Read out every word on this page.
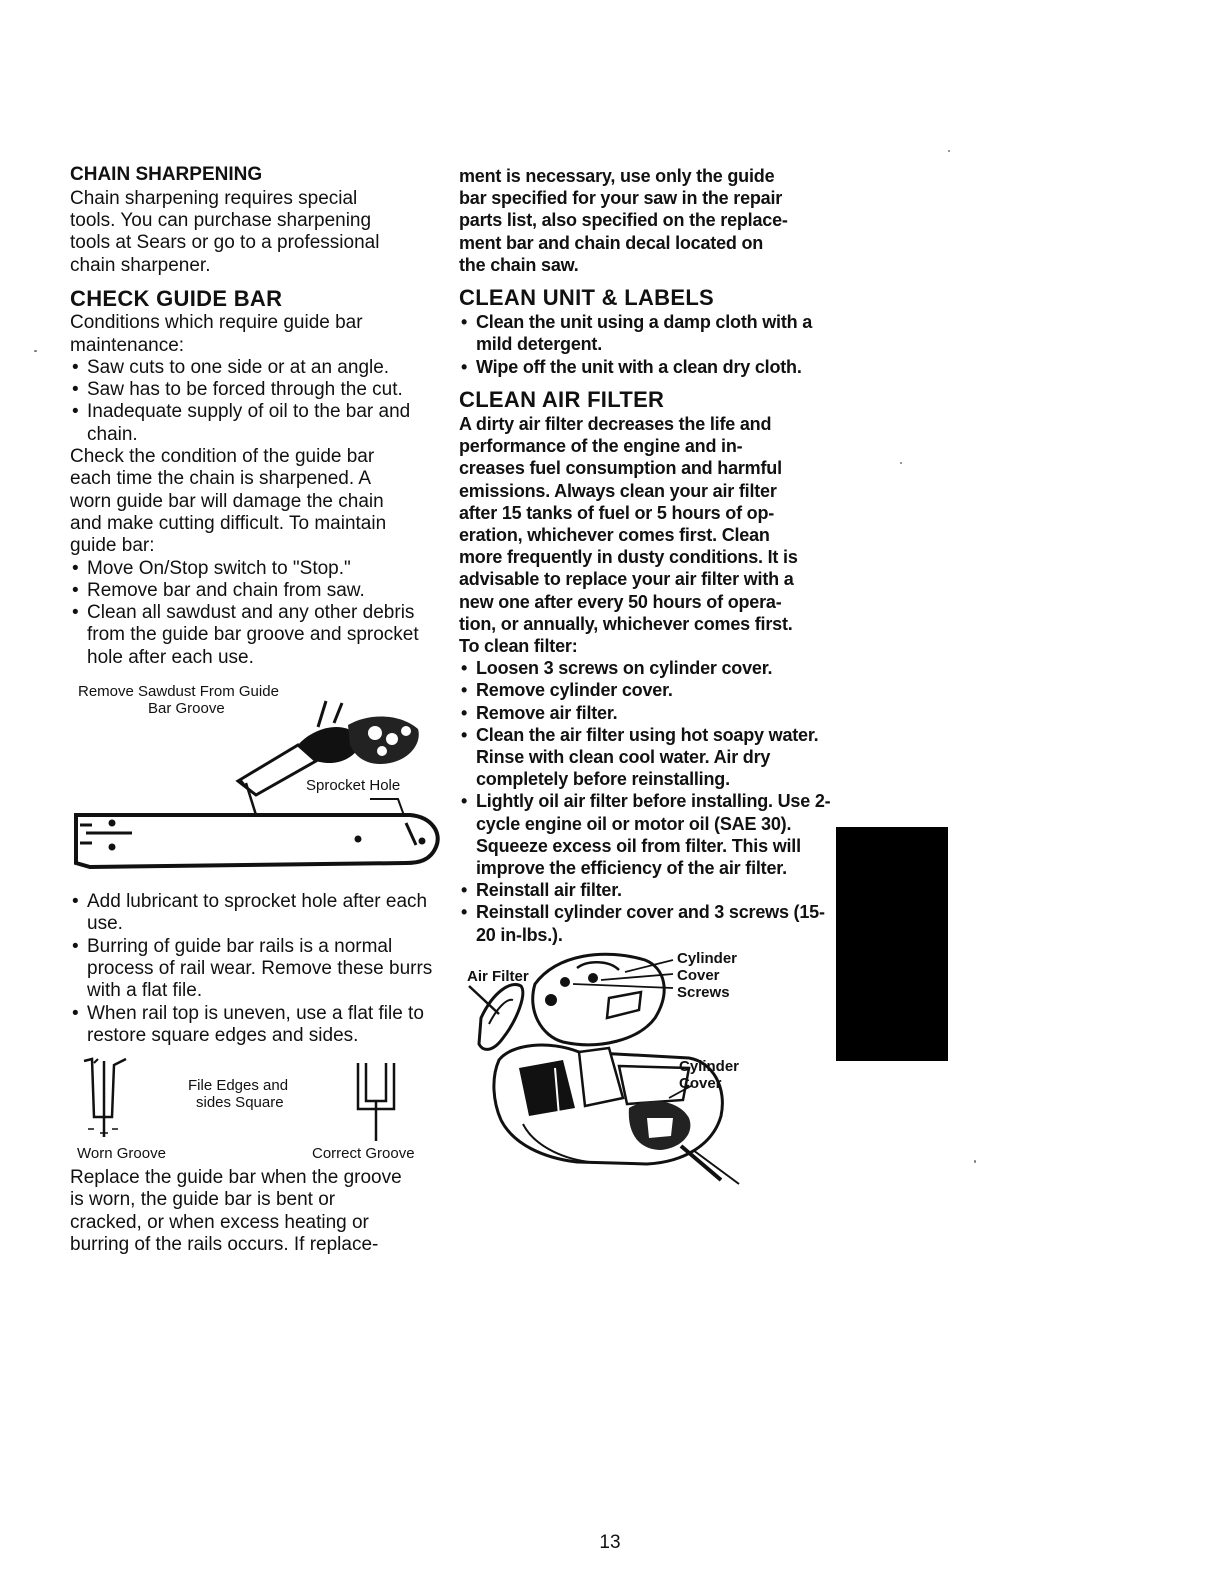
CHAIN SHARPENING

Chain sharpening requires special
tools. You can purchase sharpening
tools at Sears or go to a professional
chain sharpener.

CHECK GUIDE BAR

Conditions which require guide bar
maintenance:

• Saw cuts to one side or at an angle.
• Saw has to be forced through the cut.
• Inadequate supply of oil to the bar and chain.

Check the condition of the guide bar
each time the chain is sharpened. A
worn guide bar will damage the chain
and make cutting difficult. To maintain
guide bar:

• Move On/Stop switch to "Stop."
• Remove bar and chain from saw.
• Clean all sawdust and any other debris from the guide bar groove and sprocket hole after each use.
Remove Sawdust From Guide
Bar Groove
Sprocket Hole
• Add lubricant to sprocket hole after each use.
• Burring of guide bar rails is a normal process of rail wear. Remove these burrs with a flat file.
• When rail top is uneven, use a flat file to restore square edges and sides.
File Edges and
sides Square
Worn Groove	Correct Groove

Replace the guide bar when the groove
is worn, the guide bar is bent or
cracked, or when excess heating or
burring of the rails occurs. If replace-

ment is necessary, use only the guide
bar specified for your saw in the repair
parts list, also specified on the replace-
ment bar and chain decal located on
the chain saw.

CLEAN UNIT & LABELS
• Clean the unit using a damp cloth with a mild detergent.
• Wipe off the unit with a clean dry cloth.
CLEAN AIR FILTER

A dirty air filter decreases the life and
performance of the engine and in-
creases fuel consumption and harmful
emissions. Always clean your air filter
after 15 tanks of fuel or 5 hours of op-
eration, whichever comes first. Clean
more frequently in dusty conditions. It is
advisable to replace your air filter with a
new one after every 50 hours of opera-
tion, or annually, whichever comes first.
To clean filter:

• Loosen 3 screws on cylinder cover.
• Remove cylinder cover.
• Remove air filter.
• Clean the air filter using hot soapy water. Rinse with clean cool water. Air dry completely before reinstalling.
• Lightly oil air filter before installing. Use 2-cycle engine oil or motor oil (SAE 30). Squeeze excess oil from filter. This will improve the efficiency of the air filter.
• Reinstall air filter.
• Reinstall cylinder cover and 3 screws (15-20 in-lbs.).
Air Filter
Cylinder
Cover
Screws
Cylinder
Cover
13
